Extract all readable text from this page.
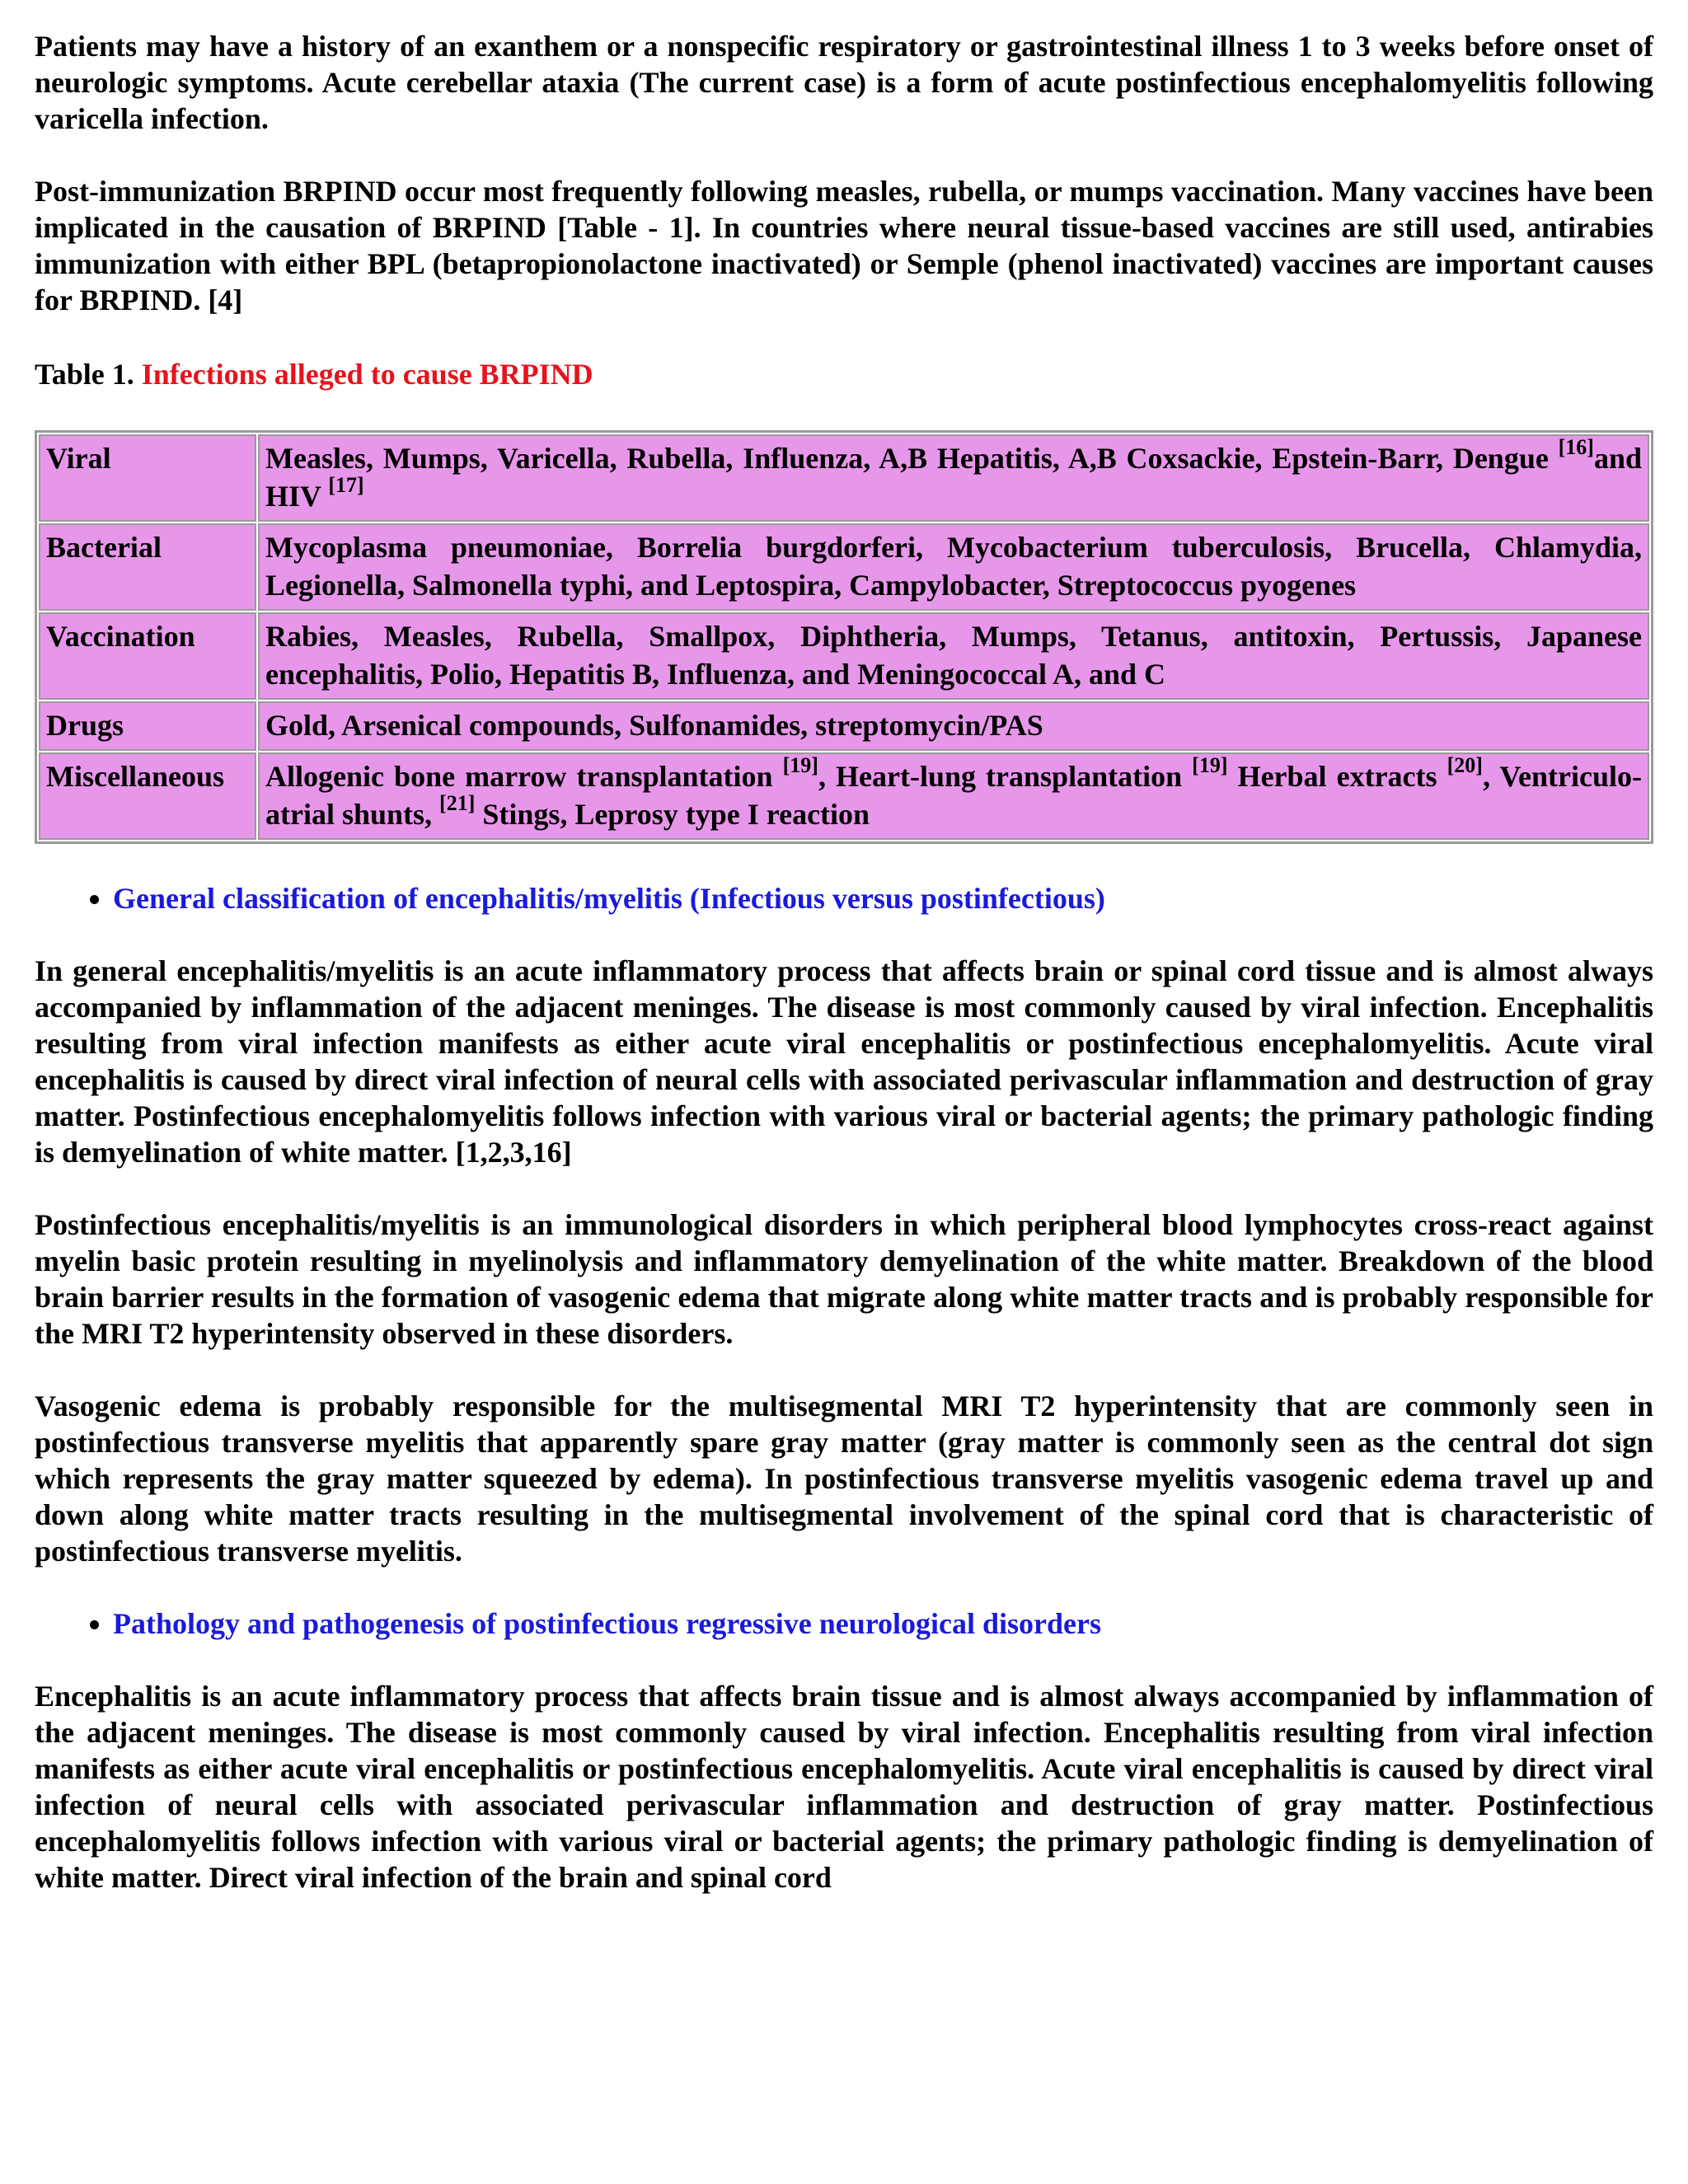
Patients may have a history of an exanthem or a nonspecific respiratory or gastrointestinal illness 1 to 3 weeks before onset of neurologic symptoms. Acute cerebellar ataxia (The current case) is a form of acute postinfectious encephalomyelitis following varicella infection.

Post-immunization BRPIND occur most frequently following measles, rubella, or mumps vaccination. Many vaccines have been implicated in the causation of BRPIND [Table - 1]. In countries where neural tissue-based vaccines are still used, antirabies immunization with either BPL (betapropionolactone inactivated) or Semple (phenol inactivated) vaccines are important causes for BRPIND. [4]

Table 1. Infections alleged to cause BRPIND
Viral	Measles, Mumps, Varicella, Rubella, Influenza, A,B Hepatitis, A,B Coxsackie, Epstein-Barr, Dengue [16]and HIV [17]
Bacterial	Mycoplasma pneumoniae, Borrelia burgdorferi, Mycobacterium tuberculosis, Brucella, Chlamydia, Legionella, Salmonella typhi, and Leptospira, Campylobacter, Streptococcus pyogenes
Vaccination	Rabies, Measles, Rubella, Smallpox, Diphtheria, Mumps, Tetanus, antitoxin, Pertussis, Japanese encephalitis, Polio, Hepatitis B, Influenza, and Meningococcal A, and C
Drugs	Gold, Arsenical compounds, Sulfonamides, streptomycin/PAS
Miscellaneous	Allogenic bone marrow transplantation [19], Heart-lung transplantation [19] Herbal extracts [20], Ventriculo-atrial shunts, [21] Stings, Leprosy type I reaction
• General classification of encephalitis/myelitis (Infectious versus postinfectious)

In general encephalitis/myelitis is an acute inflammatory process that affects brain or spinal cord tissue and is almost always accompanied by inflammation of the adjacent meninges. The disease is most commonly caused by viral infection. Encephalitis resulting from viral infection manifests as either acute viral encephalitis or postinfectious encephalomyelitis. Acute viral encephalitis is caused by direct viral infection of neural cells with associated perivascular inflammation and destruction of gray matter. Postinfectious encephalomyelitis follows infection with various viral or bacterial agents; the primary pathologic finding is demyelination of white matter. [1,2,3,16]

Postinfectious encephalitis/myelitis is an immunological disorders in which peripheral blood lymphocytes cross-react against myelin basic protein resulting in myelinolysis and inflammatory demyelination of the white matter. Breakdown of the blood brain barrier results in the formation of vasogenic edema that migrate along white matter tracts and is probably responsible for the MRI T2 hyperintensity observed in these disorders.

Vasogenic edema is probably responsible for the multisegmental MRI T2 hyperintensity that are commonly seen in postinfectious transverse myelitis that apparently spare gray matter (gray matter is commonly seen as the central dot sign which represents the gray matter squeezed by edema). In postinfectious transverse myelitis vasogenic edema travel up and down along white matter tracts resulting in the multisegmental involvement of the spinal cord that is characteristic of postinfectious transverse myelitis.

• Pathology and pathogenesis of postinfectious regressive neurological disorders

Encephalitis is an acute inflammatory process that affects brain tissue and is almost always accompanied by inflammation of the adjacent meninges. The disease is most commonly caused by viral infection. Encephalitis resulting from viral infection manifests as either acute viral encephalitis or postinfectious encephalomyelitis. Acute viral encephalitis is caused by direct viral infection of neural cells with associated perivascular inflammation and destruction of gray matter. Postinfectious encephalomyelitis follows infection with various viral or bacterial agents; the primary pathologic finding is demyelination of white matter. Direct viral infection of the brain and spinal cord
